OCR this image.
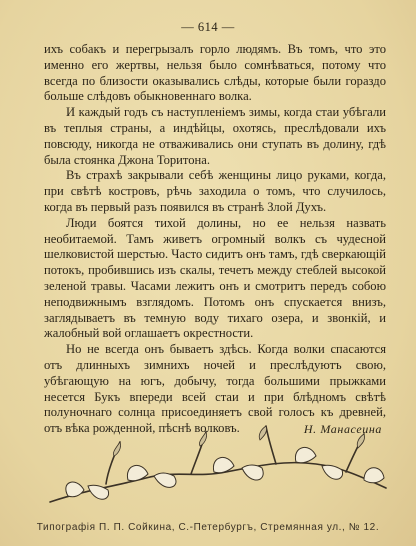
— 614 —

ихъ собакъ и перегрызалъ горло людямъ. Въ томъ, что это именно его жертвы, нельзя было сомнѣваться, потому что всегда по близости оказывались слѣды, которые были гораздо больше слѣдовъ обыкновеннаго волка.

И каждый годъ съ наступленіемъ зимы, когда стаи убѣгали въ теплыя страны, а индѣйцы, охотясь, преслѣдовали ихъ повсюду, никогда не отваживались они ступать въ долину, гдѣ была стоянка Джона Торитона.

Въ страхѣ закрывали себѣ женщины лицо руками, когда, при свѣтѣ костровъ, рѣчь заходила о томъ, что случилось, когда въ первый разъ появился въ странѣ Злой Духъ.

Люди боятся тихой долины, но ее нельзя назвать необитаемой. Тамъ живетъ огромный волкъ съ чудесной шелковистой шерстью. Часто сидитъ онъ тамъ, гдѣ сверкающій потокъ, пробившись изъ скалы, течетъ между стеблей высокой зеленой травы. Часами лежитъ онъ и смотритъ передъ собою неподвижнымъ взглядомъ. Потомъ онъ спускается внизъ, заглядываетъ въ темную воду тихаго озера, и звонкій, и жалобный вой оглашаетъ окрестности.

Но не всегда онъ бываетъ здѣсь. Когда волки спасаются отъ длинныхъ зимнихъ ночей и преслѣдуютъ свою, убѣгающую на югъ, добычу, тогда большими прыжками несется Букъ впереди всей стаи и при блѣдномъ свѣтѣ полуночнаго солнца присоединяетъ свой голосъ къ древней, отъ вѣка рожденной, пѣснѣ волковъ.	Н. Манасеина
Типографія П. П. Сойкина, С.-Петербургъ, Стремянная ул., № 12.
